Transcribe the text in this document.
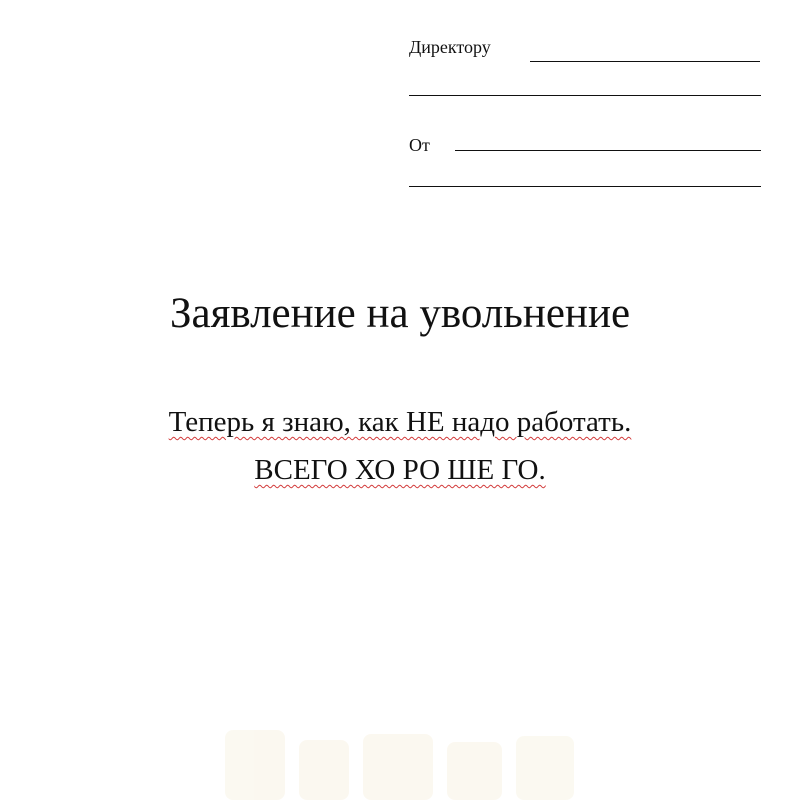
Директору
От
Заявление на увольнение
Теперь я знаю, как НЕ надо работать.
ВСЕГО ХО РО ШЕ ГО.
